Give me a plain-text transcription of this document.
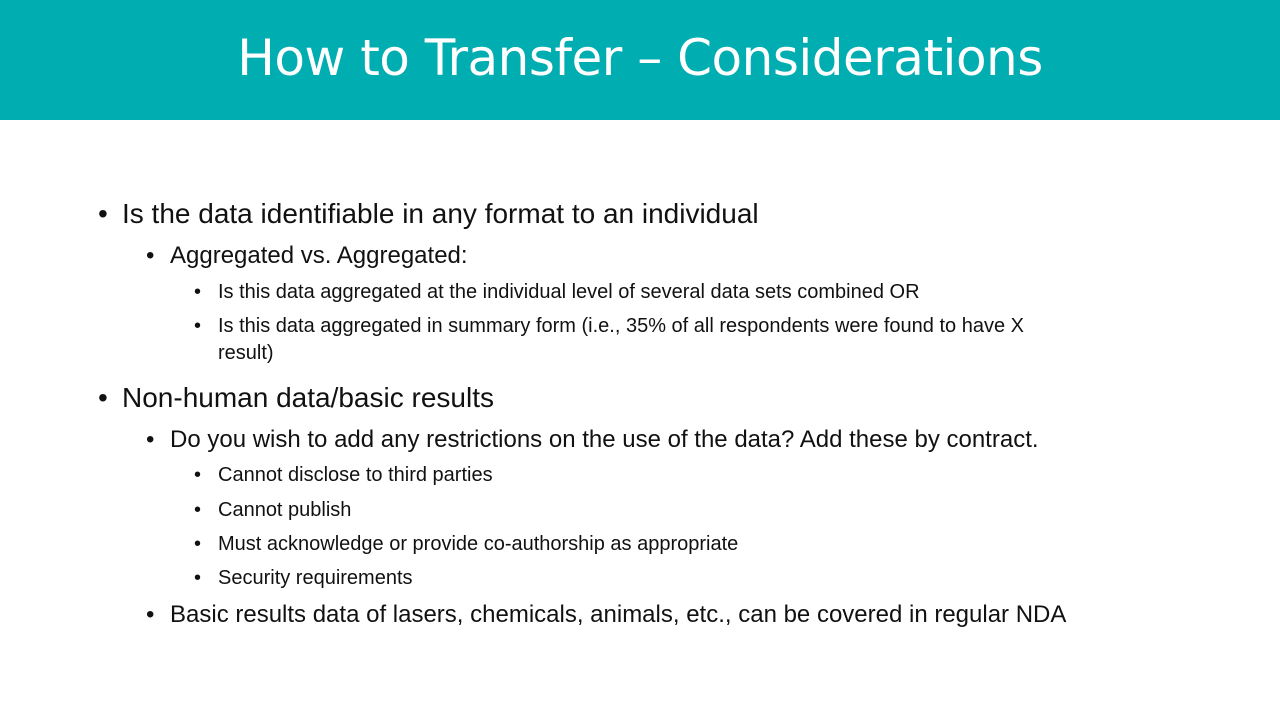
How to Transfer – Considerations
• Is the data identifiable in any format to an individual
• Aggregated vs. Aggregated:
• Is this data aggregated at the individual level of several data sets combined OR
• Is this data aggregated in summary form (i.e., 35% of all respondents were found to have X
result)
• Non-human data/basic results
• Do you wish to add any restrictions on the use of the data? Add these by contract.
• Cannot disclose to third parties
• Cannot publish
• Must acknowledge or provide co-authorship as appropriate
• Security requirements
• Basic results data of lasers, chemicals, animals, etc., can be covered in regular NDA
